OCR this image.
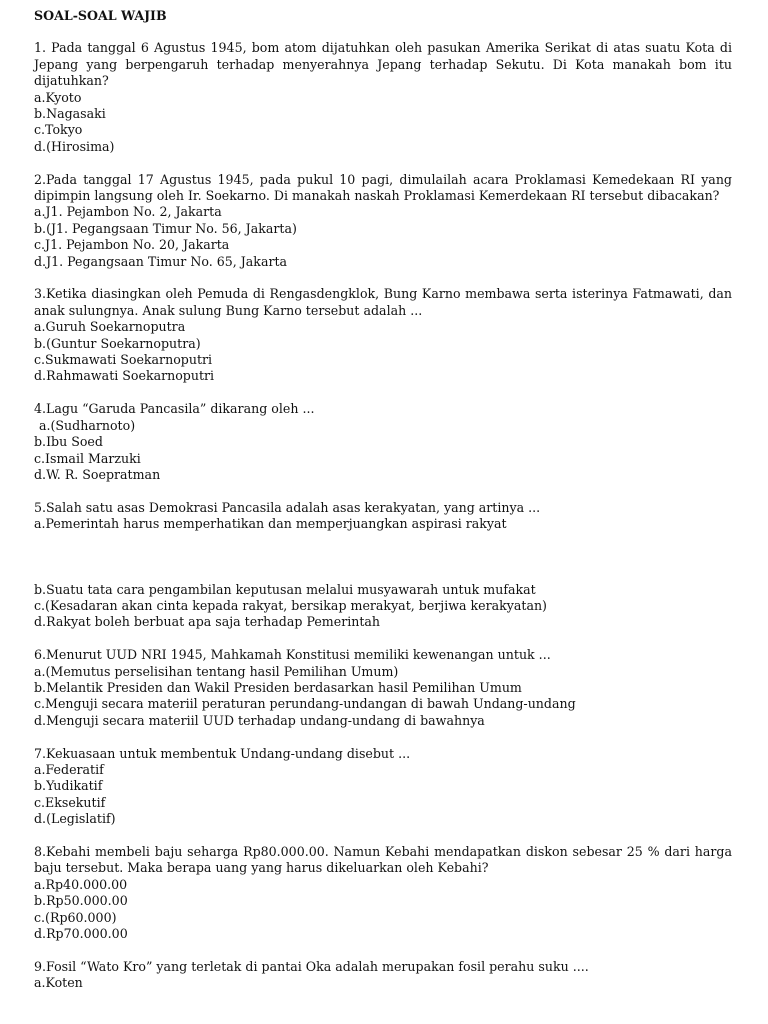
SOAL-SOAL WAJIB

1. Pada tanggal 6 Agustus 1945, bom atom dijatuhkan oleh pasukan Amerika Serikat di atas suatu Kota di Jepang yang berpengaruh terhadap menyerahnya Jepang terhadap Sekutu. Di Kota manakah bom itu dijatuhkan?

a.Kyoto

b.Nagasaki

c.Tokyo

d.(Hirosima)

2.Pada tanggal 17 Agustus 1945, pada pukul 10 pagi, dimulailah acara Proklamasi Kemedekaan RI yang dipimpin langsung oleh Ir. Soekarno. Di manakah naskah Proklamasi Kemerdekaan RI tersebut dibacakan?

a.J1. Pejambon No. 2, Jakarta

b.(J1. Pegangsaan Timur No. 56, Jakarta)

c.J1. Pejambon No. 20, Jakarta

d.J1. Pegangsaan Timur No. 65, Jakarta

3.Ketika diasingkan oleh Pemuda di Rengasdengklok, Bung Karno membawa serta isterinya Fatmawati, dan anak sulungnya. Anak sulung Bung Karno tersebut adalah ...

a.Guruh Soekarnoputra

b.(Guntur Soekarnoputra)

c.Sukmawati Soekarnoputri

d.Rahmawati Soekarnoputri

4.Lagu “Garuda Pancasila” dikarang oleh ...

a.(Sudharnoto)

b.Ibu Soed

c.Ismail Marzuki

d.W. R. Soepratman

5.Salah satu asas Demokrasi Pancasila adalah asas kerakyatan, yang artinya ...

a.Pemerintah harus memperhatikan dan memperjuangkan aspirasi rakyat

b.Suatu tata cara pengambilan keputusan melalui musyawarah untuk mufakat

c.(Kesadaran akan cinta kepada rakyat, bersikap merakyat, berjiwa kerakyatan)

d.Rakyat boleh berbuat apa saja terhadap Pemerintah

6.Menurut UUD NRI 1945, Mahkamah Konstitusi memiliki kewenangan untuk ...

a.(Memutus perselisihan tentang hasil Pemilihan Umum)

b.Melantik Presiden dan Wakil Presiden berdasarkan hasil Pemilihan Umum

c.Menguji secara materiil peraturan perundang-undangan di bawah Undang-undang

d.Menguji secara materiil UUD terhadap undang-undang di bawahnya

7.Kekuasaan untuk membentuk Undang-undang disebut ...

a.Federatif

b.Yudikatif

c.Eksekutif

d.(Legislatif)

8.Kebahi membeli baju seharga Rp80.000.00. Namun Kebahi mendapatkan diskon sebesar 25 % dari harga baju tersebut. Maka berapa uang yang harus dikeluarkan oleh Kebahi?

a.Rp40.000.00

b.Rp50.000.00

c.(Rp60.000)

d.Rp70.000.00

9.Fosil “Wato Kro” yang terletak di pantai Oka adalah merupakan fosil perahu suku ....

a.Koten
